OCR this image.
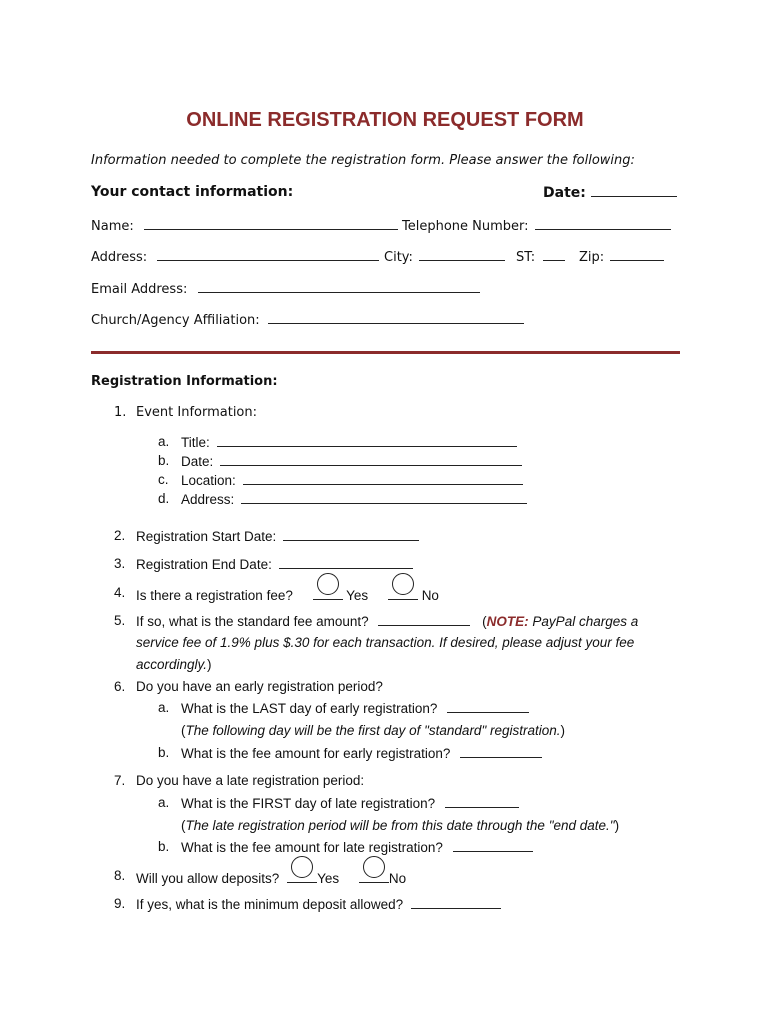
ONLINE REGISTRATION REQUEST FORM
Information needed to complete the registration form. Please answer the following:
Your contact information:	Date:
Name:	Telephone Number:
Address:	City:	ST:	Zip:
Email Address:
Church/Agency Affiliation:
Registration Information:
1. Event Information:
a. Title:
b. Date:
c. Location:
d. Address:
2. Registration Start Date:
3. Registration End Date:
4. Is there a registration fee?	Yes	No
5. If so, what is the standard fee amount?	(NOTE: PayPal charges a
service fee of 1.9% plus $.30 for each transaction. If desired, please adjust your fee
accordingly.)
6. Do you have an early registration period?
a. What is the LAST day of early registration?
(The following day will be the first day of "standard" registration.)
b. What is the fee amount for early registration?
7. Do you have a late registration period:
a. What is the FIRST day of late registration?
(The late registration period will be from this date through the "end date.")
b. What is the fee amount for late registration?
8. Will you allow deposits?	Yes	No
9. If yes, what is the minimum deposit allowed?
